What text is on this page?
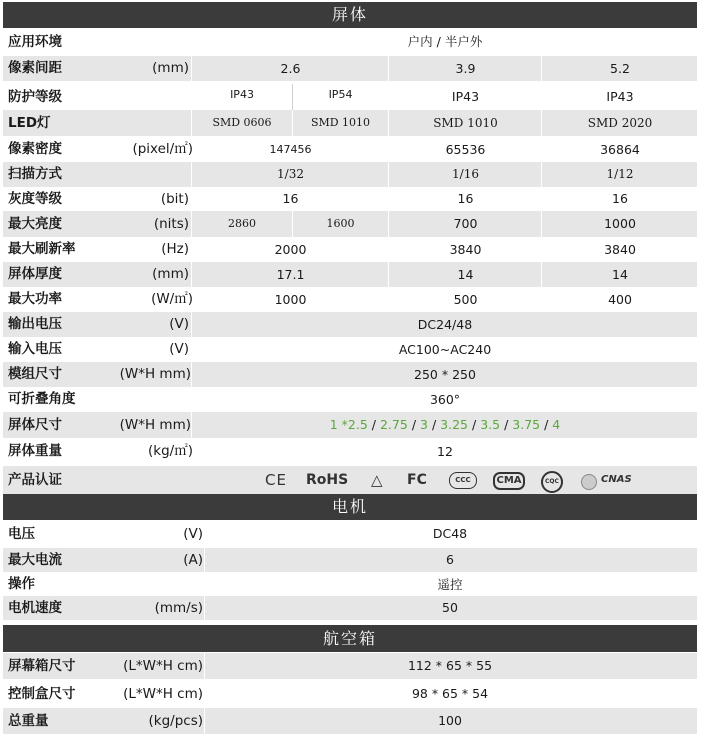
屏体
应用环境	户内 / 半户外
像素间距	(mm)	2.6	3.9	5.2
防护等级	IP43	IP54	IP43	IP43
LED灯	SMD 0606	SMD 1010	SMD 1010	SMD 2020
像素密度	(pixel/㎡)	147456	65536	36864
扫描方式	1/32	1/16	1/12
灰度等级	(bit)	16	16	16
最大亮度	(nits)	2860	1600	700	1000
最大刷新率	(Hz)	2000	3840	3840
屏体厚度	(mm)	17.1	14	14
最大功率	(W/㎡)	1000	500	400
输出电压	(V)	DC24/48
输入电压	(V)	AC100~AC240
模组尺寸	(W*H mm)	250 * 250
可折叠角度	360°
屏体尺寸	(W*H mm)	1 *2.5 / 2.75 / 3 / 3.25 / 3.5 / 3.75 / 4
屏体重量	(kg/㎡)	12
产品认证	CE RoHS △ FC	CCC	CMA	CQC	CNAS
电机
电压	(V)	DC48
最大电流	(A)	6
操作	遥控
电机速度	(mm/s)	50
航空箱
屏幕箱尺寸	(L*W*H cm)	112 * 65 * 55
控制盒尺寸	(L*W*H cm)	98 * 65 * 54
总重量	(kg/pcs)	100
